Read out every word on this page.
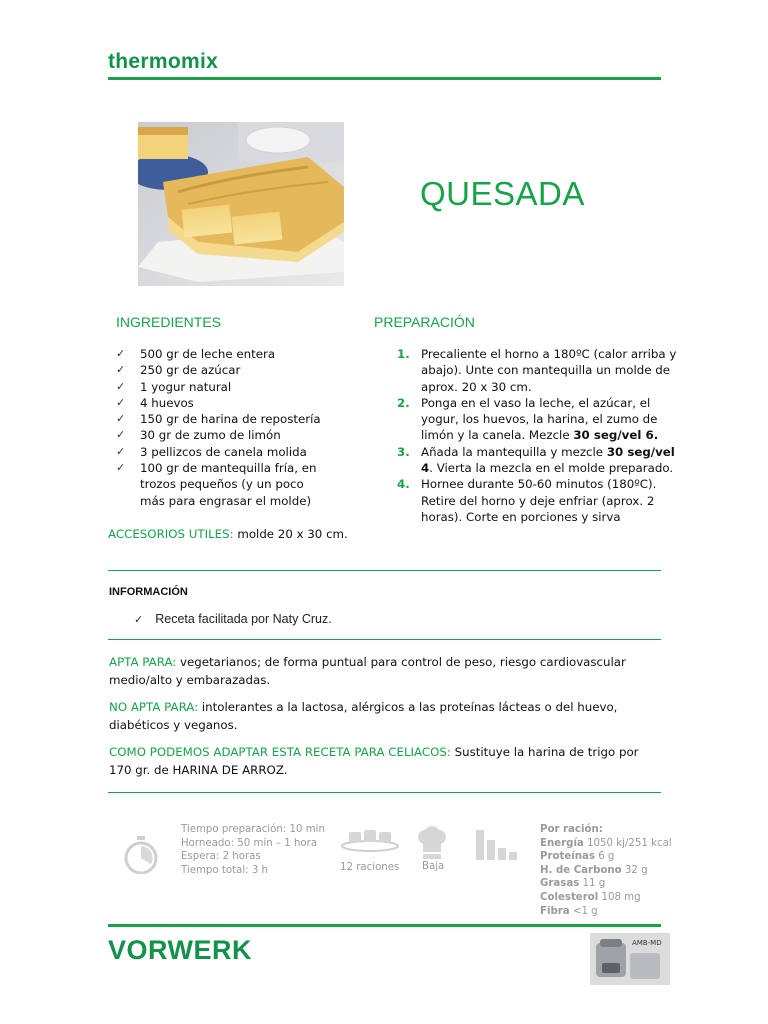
thermomix
QUESADA
INGREDIENTES
✓ 500 gr de leche entera
✓ 250 gr de azúcar
✓ 1 yogur natural
✓ 4 huevos
✓ 150 gr de harina de repostería
✓ 30 gr de zumo de limón
✓ 3 pellizcos de canela molida
✓ 100 gr de mantequilla fría, en trozos pequeños (y un poco más para engrasar el molde)
PREPARACIÓN
1. Precaliente el horno a 180ºC (calor arriba y abajo). Unte con mantequilla un molde de aprox. 20 x 30 cm.
2. Ponga en el vaso la leche, el azúcar, el yogur, los huevos, la harina, el zumo de limón y la canela. Mezcle 30 seg/vel 6.
3. Añada la mantequilla y mezcle 30 seg/vel 4. Vierta la mezcla en el molde preparado.
4. Hornee durante 50-60 minutos (180ºC). Retire del horno y deje enfriar (aprox. 2 horas). Corte en porciones y sirva
ACCESORIOS UTILES: molde 20 x 30 cm.
INFORMACIÓN
✓ Receta facilitada por Naty Cruz.
APTA PARA: vegetarianos; de forma puntual para control de peso, riesgo cardiovascular medio/alto y embarazadas.
NO APTA PARA: intolerantes a la lactosa, alérgicos a las proteínas lácteas o del huevo, diabéticos y veganos.
COMO PODEMOS ADAPTAR ESTA RECETA PARA CELIACOS: Sustituye la harina de trigo por 170 gr. de HARINA DE ARROZ.
Tiempo preparación: 10 min
Horneado: 50 min – 1 hora
Espera: 2 horas
Tiempo total: 3 h	12 raciones Baja
Por ración:
Energía 1050 kj/251 kcal
Proteínas 6 g
H. de Carbono 32 g
Grasas 11 g
Colesterol 108 mg
Fibra <1 g
VORWERK	AMB-MD
